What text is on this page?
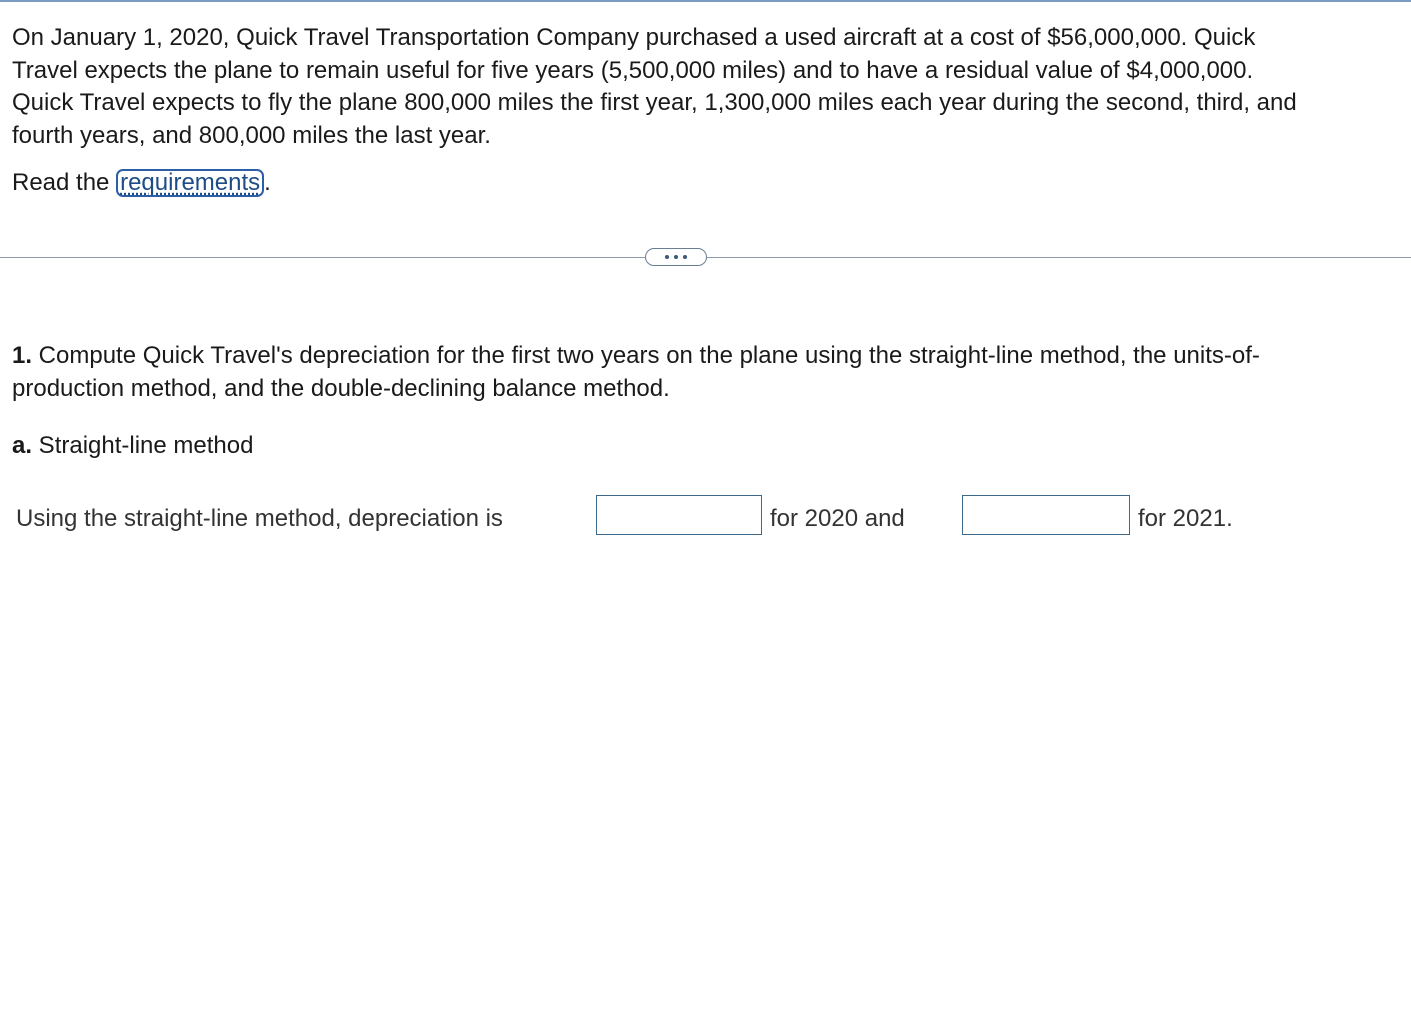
On January 1, 2020, Quick Travel Transportation Company purchased a used aircraft at a cost of $56,000,000. Quick Travel expects the plane to remain useful for five years (5,500,000 miles) and to have a residual value of $4,000,000. Quick Travel expects to fly the plane 800,000 miles the first year, 1,300,000 miles each year during the second, third, and fourth years, and 800,000 miles the last year.

Read the requirements .

1. Compute Quick Travel's depreciation for the first two years on the plane using the straight-line method, the units-of-production method, and the double-declining balance method.

a. Straight-line method
Using the straight-line method, depreciation is	for 2020 and	for 2021.
